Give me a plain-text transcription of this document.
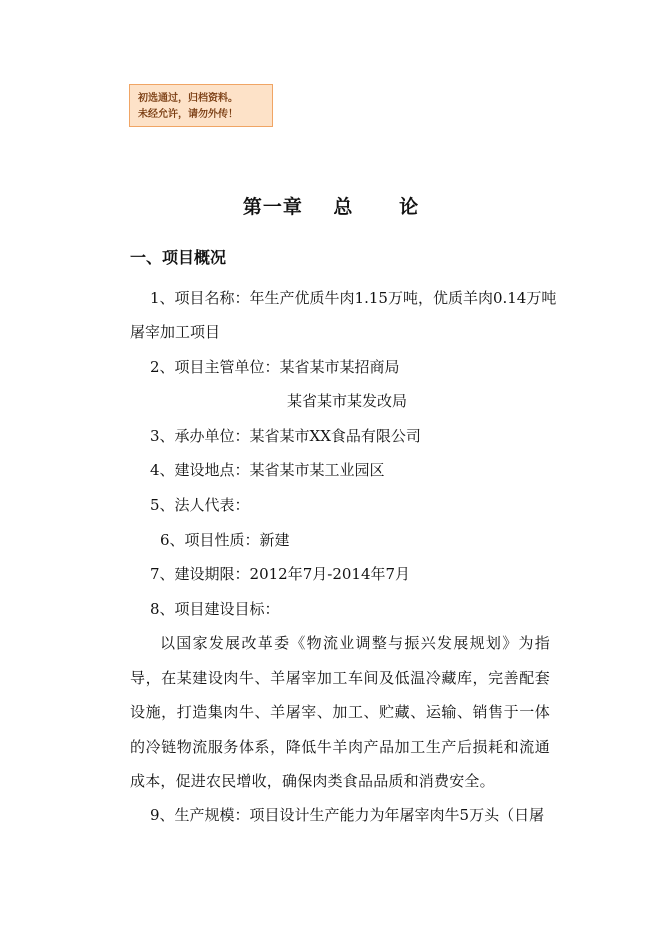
初选通过，归档资料。
未经允许，请勿外传！
第一章    总      论
一、项目概况
1、项目名称：年生产优质牛肉1.15万吨，优质羊肉0.14万吨
屠宰加工项目
2、项目主管单位：某省某市某招商局
某省某市某发改局
3、承办单位：某省某市XX食品有限公司
4、建设地点：某省某市某工业园区
5、法人代表：
6、项目性质：新建
7、建设期限：2012年7月-2014年7月
8、项目建设目标：
以国家发展改革委《物流业调整与振兴发展规划》为指导，在某建设肉牛、羊屠宰加工车间及低温冷藏库，完善配套设施，打造集肉牛、羊屠宰、加工、贮藏、运输、销售于一体的冷链物流服务体系，降低牛羊肉产品加工生产后损耗和流通成本，促进农民增收，确保肉类食品品质和消费安全。
9、生产规模：项目设计生产能力为年屠宰肉牛5万头（日屠
